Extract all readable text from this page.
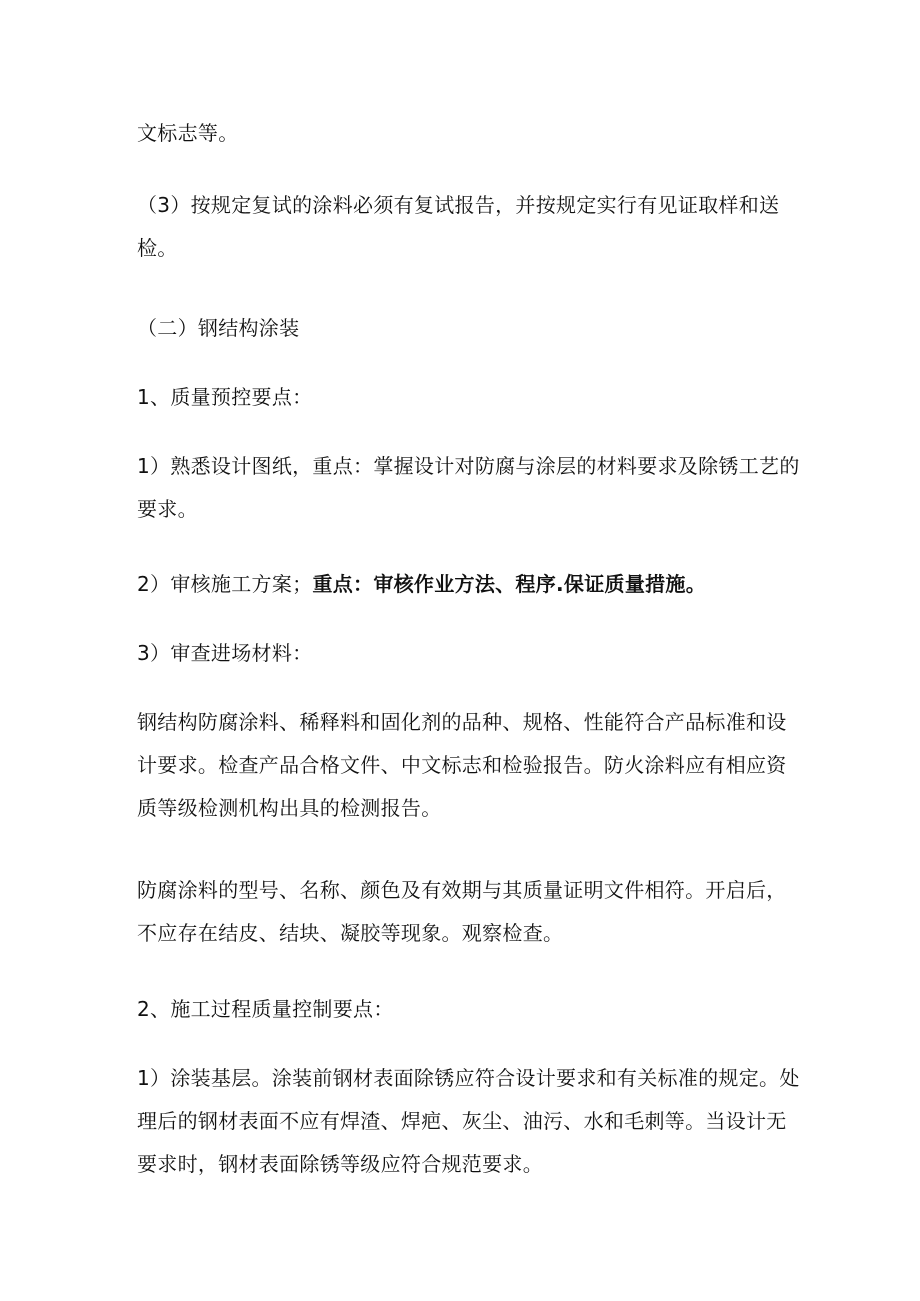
文标志等。

（3）按规定复试的涂料必须有复试报告，并按规定实行有见证取样和送
检。

（二）钢结构涂装

1、质量预控要点：

1）熟悉设计图纸，重点：掌握设计对防腐与涂层的材料要求及除锈工艺的
要求。

2）审核施工方案；重点：审核作业方法、程序.保证质量措施。

3）审查进场材料：

钢结构防腐涂料、稀释料和固化剂的品种、规格、性能符合产品标准和设
计要求。检查产品合格文件、中文标志和检验报告。防火涂料应有相应资
质等级检测机构出具的检测报告。

防腐涂料的型号、名称、颜色及有效期与其质量证明文件相符。开启后，
不应存在结皮、结块、凝胶等现象。观察检查。

2、施工过程质量控制要点：

1）涂装基层。涂装前钢材表面除锈应符合设计要求和有关标准的规定。处
理后的钢材表面不应有焊渣、焊疤、灰尘、油污、水和毛刺等。当设计无
要求时，钢材表面除锈等级应符合规范要求。
